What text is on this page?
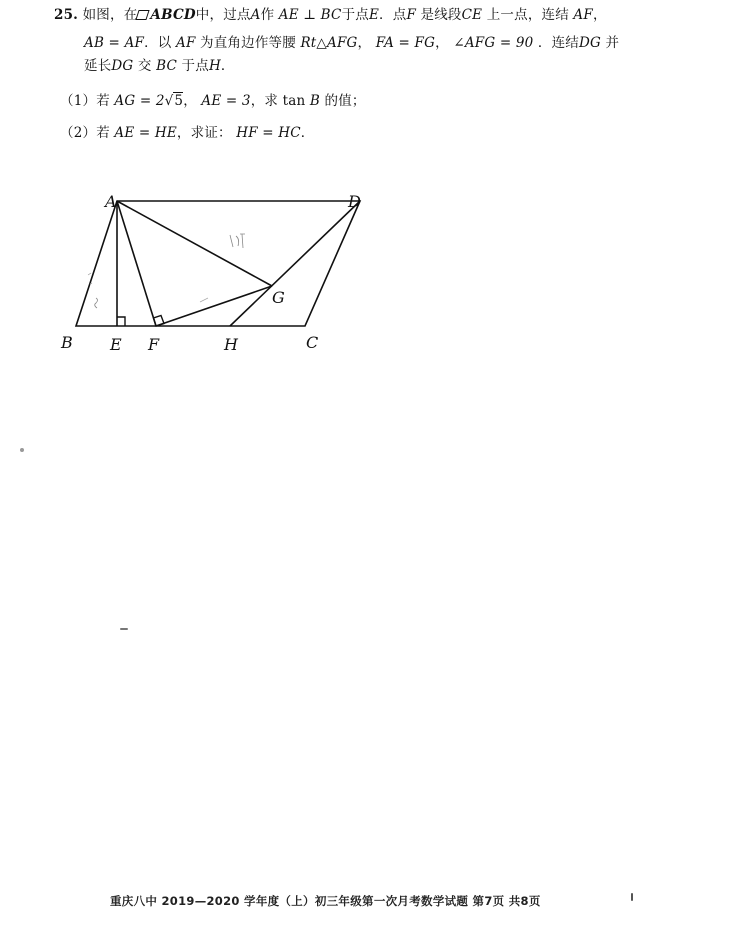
25. 如图，在 ABCD中，过点A作 AE ⊥ BC于点E．点F 是线段CE 上一点，连结 AF，
AB = AF．以 AF 为直角边作等腰 Rt△AFG， FA = FG， ∠AFG = 90 ．连结DG 并
延长DG 交 BC 于点H．
（1）若 AG = 2√5， AE = 3，求 tan B 的值；
（2）若 AE = HE，求证： HF = HC．
A	D
G
B E F	H	C
重庆八中 2019—2020 学年度（上）初三年级第一次月考数学试题 第7页 共8页
